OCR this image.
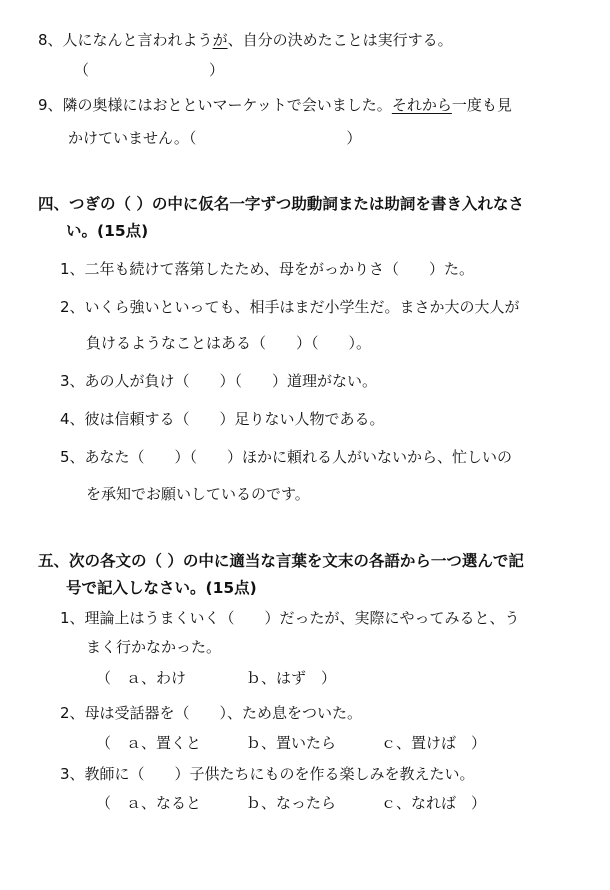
8、人になんと言われようが、自分の決めたことは実行する。
（　　　　　　　　）
9、隣の奥様にはおとといマーケットで会いました。それから一度も見
かけていません。（　　　　　　　　　　）
四、つぎの（ ）の中に仮名一字ずつ助動詞または助詞を書き入れなさ
い。(15点)
1、二年も続けて落第したため、母をがっかりさ（　　）た。
2、いくら強いといっても、相手はまだ小学生だ。まさか大の大人が
負けるようなことはある（　　）（　　）。
3、あの人が負け（　　）（　　）道理がない。
4、彼は信頼する（　　）足りない人物である。
5、あなた（　　）（　　）ほかに頼れる人がいないから、忙しいの
を承知でお願いしているのです。
五、次の各文の（ ）の中に適当な言葉を文末の各語から一つ選んで記
号で記入しなさい。(15点)
1、理論上はうまくいく（　　）だったが、実際にやってみると、う
まく行かなかった。
（　ａ、わけ　　　　ｂ、はず　）
2、母は受話器を（　　）、ため息をついた。
（　ａ、置くと　　　ｂ、置いたら　　　ｃ、置けば　）
3、教師に（　　）子供たちにものを作る楽しみを教えたい。
（　ａ、なると　　　ｂ、なったら　　　ｃ、なれば　）
